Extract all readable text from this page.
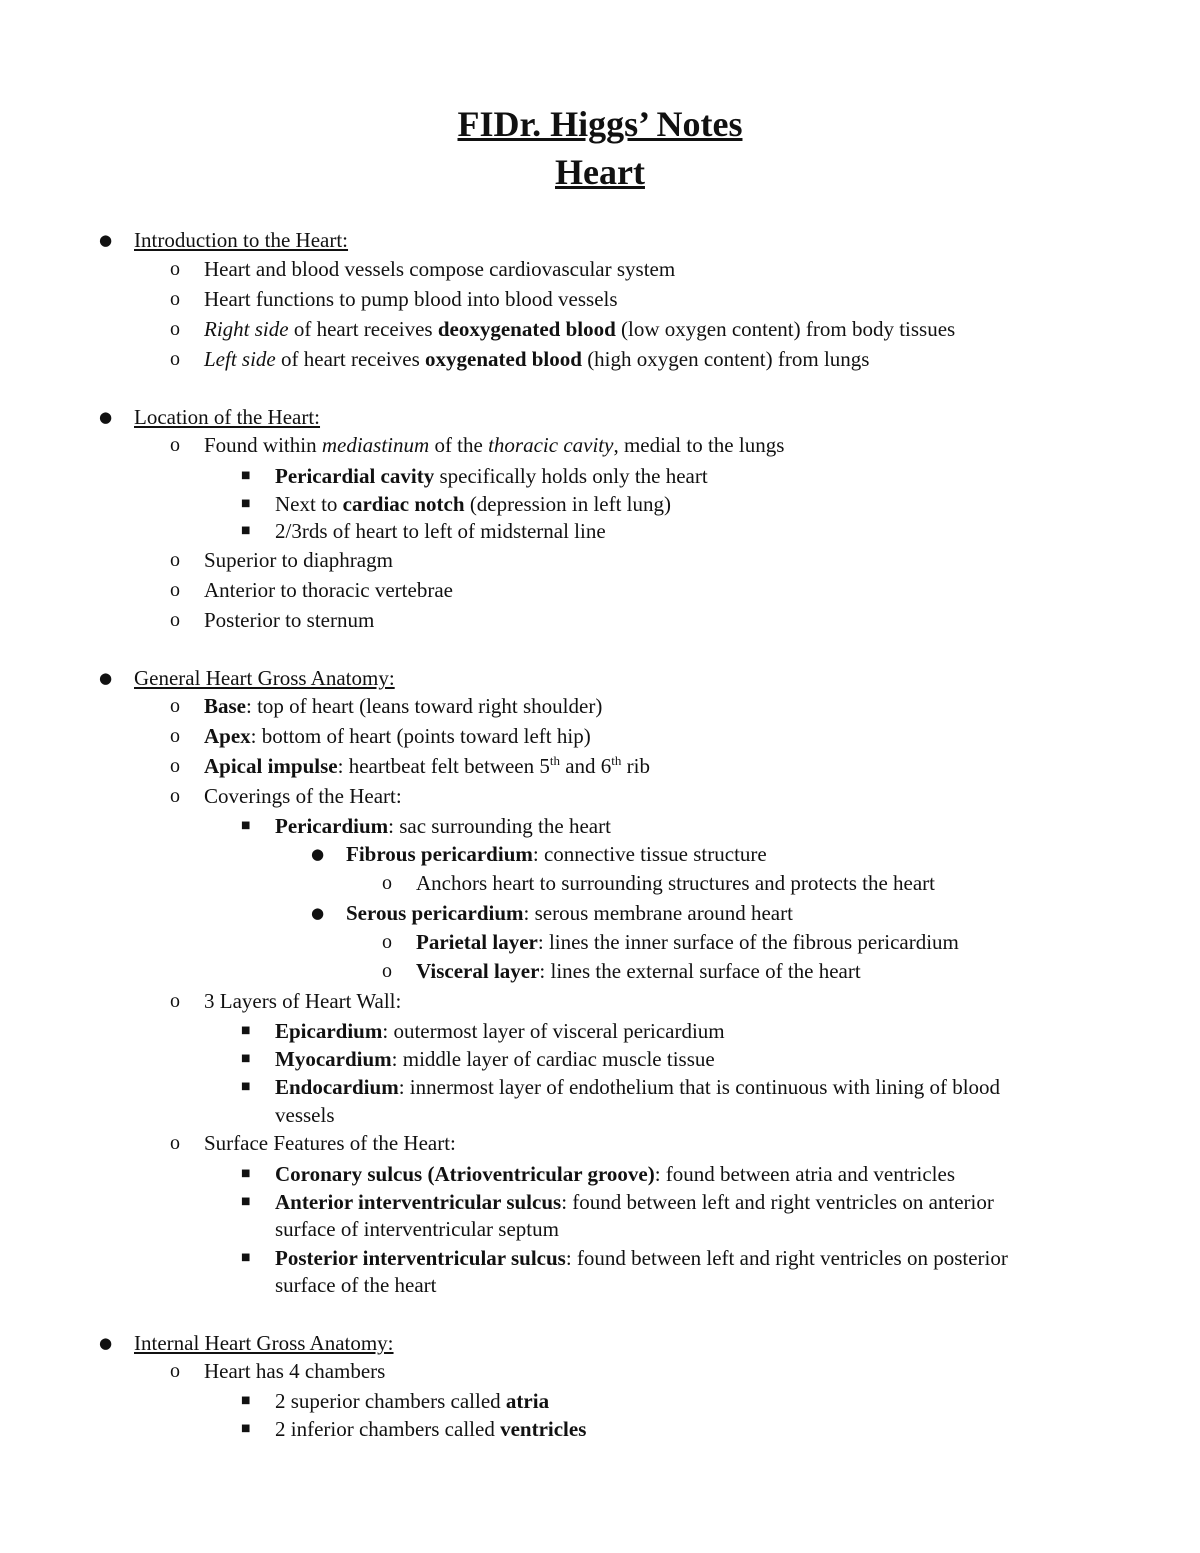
FIDr. Higgs’ Notes
Heart
● Introduction to the Heart:
o Heart and blood vessels compose cardiovascular system
o Heart functions to pump blood into blood vessels
o Right side of heart receives deoxygenated blood (low oxygen content) from body tissues
o Left side of heart receives oxygenated blood (high oxygen content) from lungs
● Location of the Heart:
o Found within mediastinum of the thoracic cavity, medial to the lungs
■ Pericardial cavity specifically holds only the heart
■ Next to cardiac notch (depression in left lung)
■ 2/3rds of heart to left of midsternal line
o Superior to diaphragm
o Anterior to thoracic vertebrae
o Posterior to sternum
● General Heart Gross Anatomy:
o Base: top of heart (leans toward right shoulder)
o Apex: bottom of heart (points toward left hip)
o Apical impulse: heartbeat felt between 5th and 6th rib
o Coverings of the Heart:
■ Pericardium: sac surrounding the heart
● Fibrous pericardium: connective tissue structure
o Anchors heart to surrounding structures and protects the heart
● Serous pericardium: serous membrane around heart
o Parietal layer: lines the inner surface of the fibrous pericardium
o Visceral layer: lines the external surface of the heart
o 3 Layers of Heart Wall:
■ Epicardium: outermost layer of visceral pericardium
■ Myocardium: middle layer of cardiac muscle tissue
■ Endocardium: innermost layer of endothelium that is continuous with lining of blood
vessels
o Surface Features of the Heart:
■ Coronary sulcus (Atrioventricular groove): found between atria and ventricles
■ Anterior interventricular sulcus: found between left and right ventricles on anterior
surface of interventricular septum
■ Posterior interventricular sulcus: found between left and right ventricles on posterior
surface of the heart
● Internal Heart Gross Anatomy:
o Heart has 4 chambers
■ 2 superior chambers called atria
■ 2 inferior chambers called ventricles
